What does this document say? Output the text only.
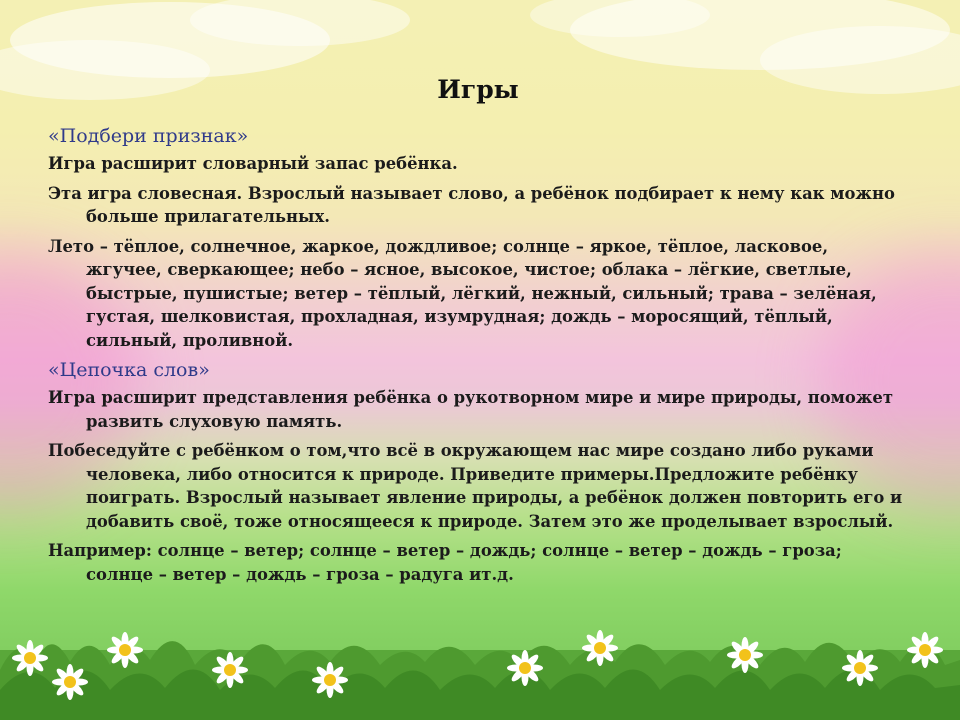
Игры
«Подбери признак»
Игра расширит словарный запас ребёнка.
Эта игра словесная. Взрослый называет слово, а ребёнок подбирает к нему как можно больше прилагательных.
Лето – тёплое, солнечное, жаркое, дождливое; солнце – яркое, тёплое, ласковое, жгучее, сверкающее; небо – ясное, высокое, чистое; облака – лёгкие, светлые, быстрые, пушистые; ветер – тёплый, лёгкий, нежный, сильный; трава – зелёная, густая, шелковистая, прохладная, изумрудная; дождь – моросящий, тёплый, сильный, проливной.
«Цепочка слов»
Игра расширит представления ребёнка о рукотворном мире и мире природы, поможет развить слуховую память.
Побеседуйте с ребёнком о том,что всё в окружающем нас мире создано либо руками человека, либо относится к природе. Приведите примеры.Предложите ребёнку поиграть. Взрослый называет явление природы, а ребёнок должен повторить его и добавить своё, тоже относящееся к природе. Затем это же проделывает взрослый.
Например: солнце – ветер; солнце – ветер – дождь; солнце – ветер – дождь – гроза; солнце – ветер – дождь – гроза – радуга ит.д.
